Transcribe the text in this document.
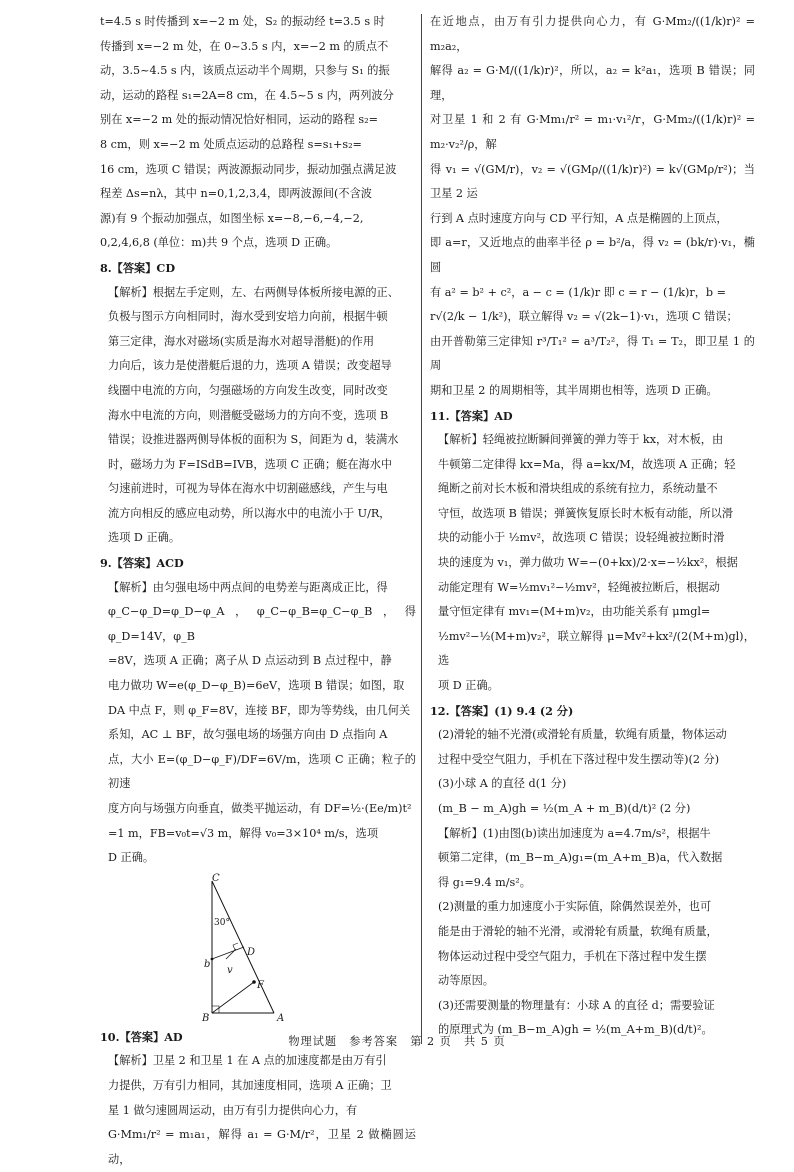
t=4.5 s 时传播到 x=−2 m 处，S₂ 的振动经 t=3.5 s 时
传播到 x=−2 m 处，在 0~3.5 s 内，x=−2 m 的质点不
动，3.5~4.5 s 内，该质点运动半个周期，只参与 S₁ 的振
动，运动的路程 s₁=2A=8 cm，在 4.5~5 s 内，两列波分
别在 x=−2 m 处的振动情况恰好相同，运动的路程 s₂=
8 cm，则 x=−2 m 处质点运动的总路程 s=s₁+s₂=
16 cm，选项 C 错误；两波源振动同步，振动加强点满足波
程差 Δs=nλ，其中 n=0,1,2,3,4，即两波源间(不含波
源)有 9 个振动加强点，如图坐标 x=−8,−6,−4,−2,
0,2,4,6,8 (单位：m)共 9 个点，选项 D 正确。
8.【答案】CD
【解析】根据左手定则，左、右两侧导体板所接电源的正、
负极与图示方向相同时，海水受到安培力向前，根据牛顿
第三定律，海水对磁场(实质是海水对超导潜艇)的作用
力向后，该力是使潜艇后退的力，选项 A 错误；改变超导
线圈中电流的方向，匀强磁场的方向发生改变，同时改变
海水中电流的方向，则潜艇受磁场力的方向不变，选项 B
错误；设推进器两侧导体板的面积为 S，间距为 d，装满水
时，磁场力为 F=ISdB=IVB，选项 C 正确；艇在海水中
匀速前进时，可视为导体在海水中切割磁感线，产生与电
流方向相反的感应电动势，所以海水中的电流小于 U/R，
选项 D 正确。
9.【答案】ACD
【解析】由匀强电场中两点间的电势差与距离成正比，得
φ_C−φ_D=φ_D−φ_A，φ_C−φ_B=φ_C−φ_B，得 φ_D=14V，φ_B
=8V，选项 A 正确；离子从 D 点运动到 B 点过程中，静
电力做功 W=e(φ_D−φ_B)=6eV，选项 B 错误；如图，取
DA 中点 F，则 φ_F=8V，连接 BF，即为等势线，由几何关
系知，AC ⊥ BF，故匀强电场的场强方向由 D 点指向 A
点，大小 E=(φ_D−φ_F)/DF=6V/m，选项 C 正确；粒子的初速
度方向与场强方向垂直，做类平抛运动，有 DF=½·(Ee/m)t²
=1 m，FB=v₀t=√3 m，解得 v₀=3×10⁴ m/s，选项
D 正确。
C
30°
D
b
v
F
B	A
10.【答案】AD
【解析】卫星 2 和卫星 1 在 A 点的加速度都是由万有引
力提供，万有引力相同，其加速度相同，选项 A 正确；卫
星 1 做匀速圆周运动，由万有引力提供向心力，有
G·Mm₁/r² = m₁a₁，解得 a₁ = G·M/r²，卫星 2 做椭圆运动，
在近地点，由万有引力提供向心力，有 G·Mm₂/((1/k)r)² = m₂a₂，
解得 a₂ = G·M/((1/k)r)²，所以，a₂ = k²a₁，选项 B 错误；同理，
对卫星 1 和 2 有 G·Mm₁/r² = m₁·v₁²/r，G·Mm₂/((1/k)r)² = m₂·v₂²/ρ，解
得 v₁ = √(GM/r)，v₂ = √(GMρ/((1/k)r)²) = k√(GMρ/r²)；当卫星 2 运
行到 A 点时速度方向与 CD 平行知，A 点是椭圆的上顶点，
即 a=r，又近地点的曲率半径 ρ = b²/a，得 v₂ = (bk/r)·v₁，椭圆
有 a² = b² + c²，a − c = (1/k)r 即 c = r − (1/k)r，b =
r√(2/k − 1/k²)，联立解得 v₂ = √(2k−1)·v₁，选项 C 错误；
由开普勒第三定律知 r³/T₁² = a³/T₂²，得 T₁ = T₂，即卫星 1 的周
期和卫星 2 的周期相等，其半周期也相等，选项 D 正确。
11.【答案】AD
【解析】轻绳被拉断瞬间弹簧的弹力等于 kx，对木板，由
牛顿第二定律得 kx=Ma，得 a=kx/M，故选项 A 正确；轻
绳断之前对长木板和滑块组成的系统有拉力，系统动量不
守恒，故选项 B 错误；弹簧恢复原长时木板有动能，所以滑
块的动能小于 ½mv²，故选项 C 错误；设轻绳被拉断时滑
块的速度为 v₁，弹力做功 W=−(0+kx)/2·x=−½kx²，根据
动能定理有 W=½mv₁²−½mv²，轻绳被拉断后，根据动
量守恒定律有 mv₁=(M+m)v₂，由功能关系有 μmgl=
½mv²−½(M+m)v₂²，联立解得 μ=Mv²+kx²/(2(M+m)gl)，选
项 D 正确。
12.【答案】(1) 9.4 (2 分)
(2)滑轮的轴不光滑(或滑轮有质量，软绳有质量，物体运动
过程中受空气阻力，手机在下落过程中发生摆动等)(2 分)
(3)小球 A 的直径 d(1 分)
(m_B − m_A)gh = ½(m_A + m_B)(d/t)² (2 分)
【解析】(1)由图(b)读出加速度为 a=4.7m/s²，根据牛
顿第二定律，(m_B−m_A)g₁=(m_A+m_B)a，代入数据
得 g₁=9.4 m/s²。
(2)测量的重力加速度小于实际值，除偶然误差外，也可
能是由于滑轮的轴不光滑，或滑轮有质量，软绳有质量，
物体运动过程中受空气阻力，手机在下落过程中发生摆
动等原因。
(3)还需要测量的物理量有：小球 A 的直径 d；需要验证
的原理式为 (m_B−m_A)gh = ½(m_A+m_B)(d/t)²。
物理试题　参考答案　第 2 页　共 5 页
